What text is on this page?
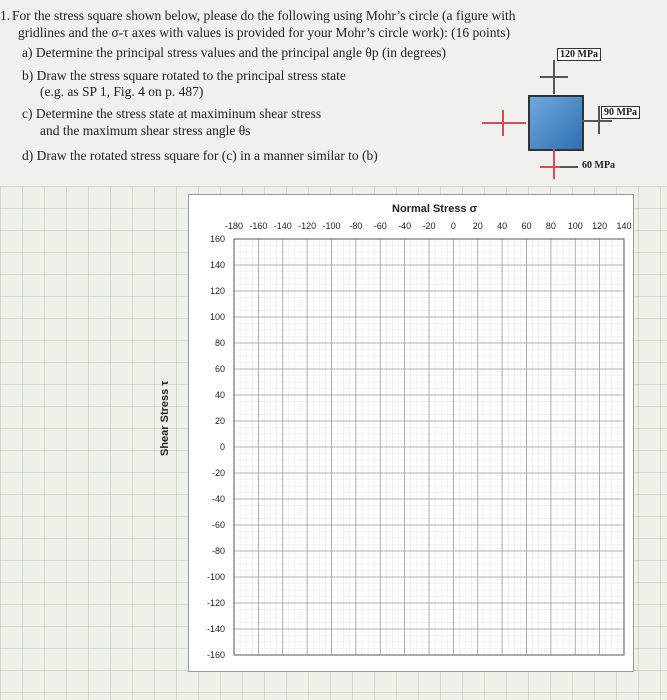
1. For the stress square shown below, please do the following using Mohr’s circle (a figure with
gridlines and the σ-τ axes with values is provided for your Mohr’s circle work): (16 points)
a) Determine the principal stress values and the principal angle θp (in degrees)
b) Draw the stress square rotated to the principal stress state
(e.g. as SP 1, Fig. 4 on p. 487)
c) Determine the stress state at maximinum shear stress
and the maximum shear stress angle θs
d) Draw the rotated stress square for (c) in a manner similar to (b)
120 MPa
90 MPa
60 MPa
-180 -160 -140 -120 -100 -80 -60 -40 -20 0 20 40 60 80 100 120 140
160
140
120
100
80
60
40
20
0
-20
-40
-60
-80
-100
-120
-140
-160
Normal Stress σ
Shear Stress τ
